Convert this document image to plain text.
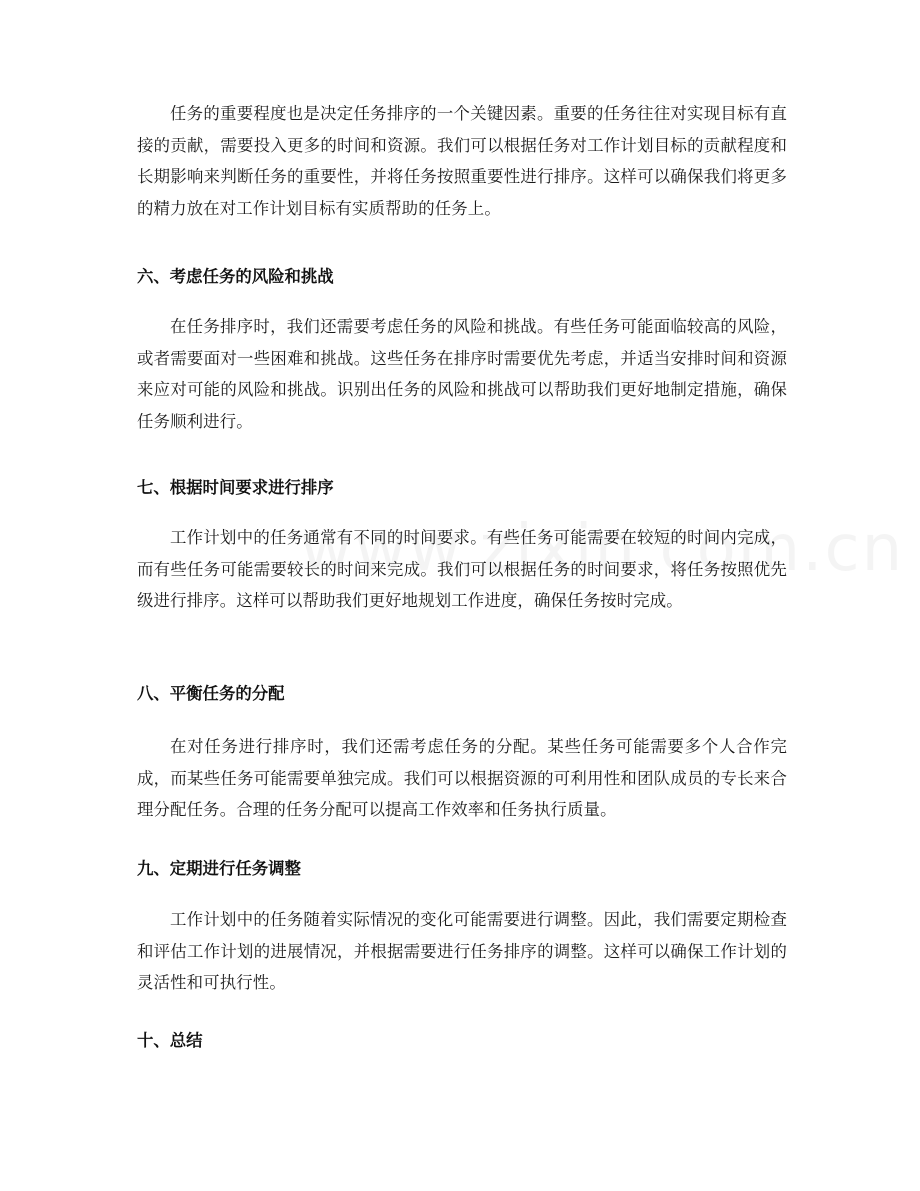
任务的重要程度也是决定任务排序的一个关键因素。重要的任务往往对实现目标有直接的贡献，需要投入更多的时间和资源。我们可以根据任务对工作计划目标的贡献程度和长期影响来判断任务的重要性，并将任务按照重要性进行排序。这样可以确保我们将更多的精力放在对工作计划目标有实质帮助的任务上。

六、考虑任务的风险和挑战

在任务排序时，我们还需要考虑任务的风险和挑战。有些任务可能面临较高的风险，或者需要面对一些困难和挑战。这些任务在排序时需要优先考虑，并适当安排时间和资源来应对可能的风险和挑战。识别出任务的风险和挑战可以帮助我们更好地制定措施，确保任务顺利进行。

七、根据时间要求进行排序

工作计划中的任务通常有不同的时间要求。有些任务可能需要在较短的时间内完成，而有些任务可能需要较长的时间来完成。我们可以根据任务的时间要求，将任务按照优先级进行排序。这样可以帮助我们更好地规划工作进度，确保任务按时完成。

八、平衡任务的分配

在对任务进行排序时，我们还需考虑任务的分配。某些任务可能需要多个人合作完成，而某些任务可能需要单独完成。我们可以根据资源的可利用性和团队成员的专长来合理分配任务。合理的任务分配可以提高工作效率和任务执行质量。

九、定期进行任务调整

工作计划中的任务随着实际情况的变化可能需要进行调整。因此，我们需要定期检查和评估工作计划的进展情况，并根据需要进行任务排序的调整。这样可以确保工作计划的灵活性和可执行性。

十、总结
